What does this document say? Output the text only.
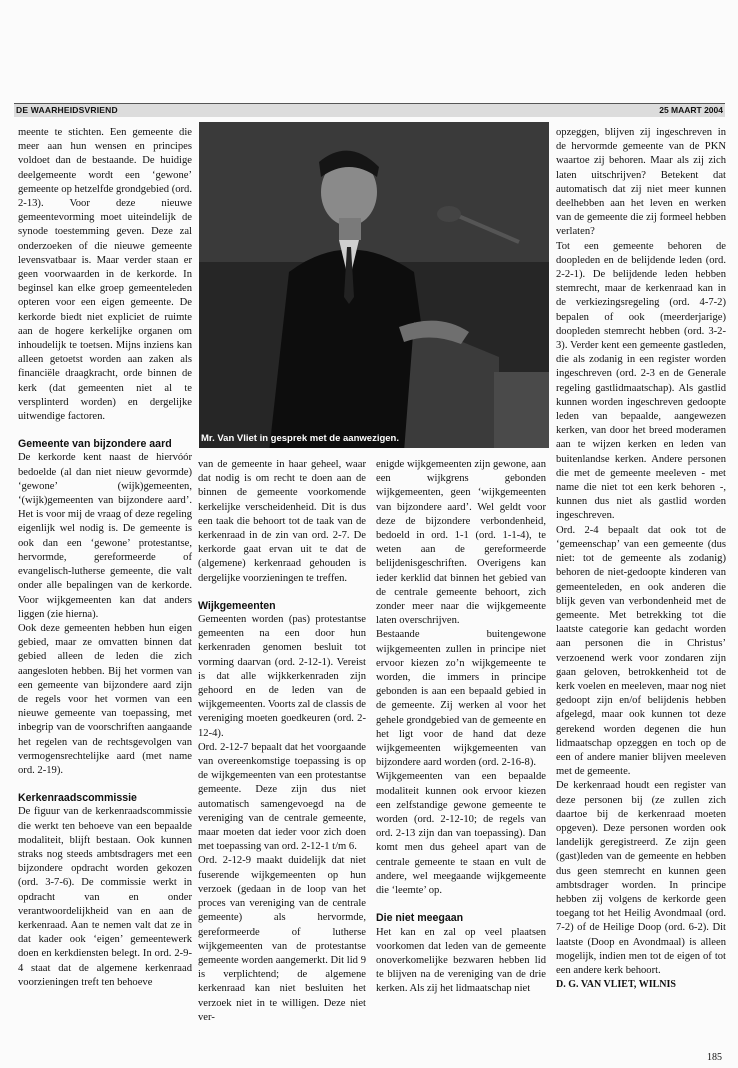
DE WAARHEIDSVRIEND	25 MAART 2004

meente te stichten. Een gemeente die meer aan hun wensen en principes voldoet dan de bestaande. De huidige deelgemeente wordt een ‘gewone’ gemeente op hetzelfde grondgebied (ord. 2-13). Voor deze nieuwe gemeentevorming moet uiteindelijk de synode toestemming geven. Deze zal onderzoeken of die nieuwe gemeente levensvatbaar is. Maar verder staan er geen voorwaarden in de kerkorde. In beginsel kan elke groep gemeenteleden opteren voor een eigen gemeente. De kerkorde biedt niet expliciet de ruimte aan de hogere kerkelijke organen om inhoudelijk te toetsen. Mijns inziens kan alleen getoetst worden aan zaken als financiële draagkracht, orde binnen de kerk (dat gemeenten niet al te versplinterd worden) en dergelijke uitwendige factoren.

Gemeente van bijzondere aard

De kerkorde kent naast de hiervóór bedoelde (al dan niet nieuw gevormde) ‘gewone’ (wijk)gemeenten, ‘(wijk)gemeenten van bijzondere aard’. Het is voor mij de vraag of deze regeling eigenlijk wel nodig is. De gemeente is ook dan een ‘gewone’ protestantse, hervormde, gereformeerde of evangelisch-lutherse gemeente, die valt onder alle bepalingen van de kerkorde. Voor wijkgemeenten kan dat anders liggen (zie hierna).

Ook deze gemeenten hebben hun eigen gebied, maar ze omvatten binnen dat gebied alleen de leden die zich aangesloten hebben. Bij het vormen van een gemeente van bijzondere aard zijn de regels voor het vormen van een nieuwe gemeente van toepassing, met inbegrip van de voorschriften aangaande het regelen van de rechtsgevolgen van vermogensrechtelijke aard (met name ord. 2-19).

Kerkenraadscommissie

De figuur van de kerkenraadscommissie die werkt ten behoeve van een bepaalde modaliteit, blijft bestaan. Ook kunnen straks nog steeds ambtsdragers met een bijzondere opdracht worden gekozen (ord. 3-7-6). De commissie werkt in opdracht van en onder verantwoordelijkheid van en aan de kerkenraad. Aan te nemen valt dat ze in dat kader ook ‘eigen’ gemeentewerk doen en kerkdiensten belegt. In ord. 2-9-4 staat dat de algemene kerkenraad voorzieningen treft ten behoeve

Mr. Van Vliet in gesprek met de aanwezigen.

van de gemeente in haar geheel, waar dat nodig is om recht te doen aan de binnen de gemeente voorkomende kerkelijke verscheidenheid. Dit is dus een taak die behoort tot de taak van de kerkenraad in de zin van ord. 2-7. De kerkorde gaat ervan uit te dat de (algemene) kerkenraad gehouden is dergelijke voorzieningen te treffen.

Wijkgemeenten

Gemeenten worden (pas) protestantse gemeenten na een door hun kerkenraden genomen besluit tot vorming daarvan (ord. 2-12-1). Vereist is dat alle wijkkerkenraden zijn gehoord en de leden van de wijkgemeenten. Voorts zal de classis de vereniging moeten goedkeuren (ord. 2-12-4).

Ord. 2-12-7 bepaalt dat het voorgaande van overeenkomstige toepassing is op de wijkgemeenten van een protestantse gemeente. Deze zijn dus niet automatisch samengevoegd na de vereniging van de centrale gemeente, maar moeten dat ieder voor zich doen met toepassing van ord. 2-12-1 t/m 6.

Ord. 2-12-9 maakt duidelijk dat niet fuserende wijkgemeenten op hun verzoek (gedaan in de loop van het proces van vereniging van de centrale gemeente) als hervormde, gereformeerde of lutherse wijkgemeenten van de protestantse gemeente worden aangemerkt. Dit lid 9 is verplichtend; de algemene kerkenraad kan niet besluiten het verzoek niet in te willigen. Deze niet ver-

enigde wijkgemeenten zijn gewone, aan een wijkgrens gebonden wijkgemeenten, geen ‘wijkgemeenten van bijzondere aard’. Wel geldt voor deze de bijzondere verbondenheid, bedoeld in ord. 1-1 (ord. 1-1-4), te weten aan de gereformeerde belijdenisgeschriften. Overigens kan ieder kerklid dat binnen het gebied van de centrale gemeente behoort, zich zonder meer naar die wijkgemeente laten overschrijven.

Bestaande buitengewone wijkgemeenten zullen in principe niet ervoor kiezen zo’n wijkgemeente te worden, die immers in principe gebonden is aan een bepaald gebied in de gemeente. Zij werken al voor het gehele grondgebied van de gemeente en het ligt voor de hand dat deze wijkgemeenten wijkgemeenten van bijzondere aard worden (ord. 2-16-8).

Wijkgemeenten van een bepaalde modaliteit kunnen ook ervoor kiezen een zelfstandige gewone gemeente te worden (ord. 2-12-10; de regels van ord. 2-13 zijn dan van toepassing). Dan komt men dus geheel apart van de centrale gemeente te staan en vult de andere, wel meegaande wijkgemeente die ‘leemte’ op.

Die niet meegaan

Het kan en zal op veel plaatsen voorkomen dat leden van de gemeente onoverkomelijke bezwaren hebben lid te blijven na de vereniging van de drie kerken. Als zij het lidmaatschap niet

opzeggen, blijven zij ingeschreven in de hervormde gemeente van de PKN waartoe zij behoren. Maar als zij zich laten uitschrijven? Betekent dat automatisch dat zij niet meer kunnen deelhebben aan het leven en werken van de gemeente die zij formeel hebben verlaten?

Tot een gemeente behoren de doopleden en de belijdende leden (ord. 2-2-1). De belijdende leden hebben stemrecht, maar de kerkenraad kan in de verkiezingsregeling (ord. 4-7-2) bepalen of ook (meerderjarige) doopleden stemrecht hebben (ord. 3-2-3). Verder kent een gemeente gastleden, die als zodanig in een register worden ingeschreven (ord. 2-3 en de Generale regeling gastlidmaatschap). Als gastlid kunnen worden ingeschreven gedoopte leden van bepaalde, aangewezen kerken, van door het breed moderamen aan te wijzen kerken en leden van buitenlandse kerken. Andere personen die met de gemeente meeleven - met name die niet tot een kerk behoren -, kunnen dus niet als gastlid worden ingeschreven.

Ord. 2-4 bepaalt dat ook tot de ‘gemeenschap’ van een gemeente (dus niet: tot de gemeente als zodanig) behoren de niet-gedoopte kinderen van gemeenteleden, en ook anderen die blijk geven van verbondenheid met de gemeente. Met betrekking tot die laatste categorie kan gedacht worden aan personen die in Christus’ verzoenend werk voor zondaren zijn gaan geloven, betrokkenheid tot de kerk voelen en meeleven, maar nog niet gedoopt zijn en/of belijdenis hebben afgelegd, maar ook kunnen tot deze gerekend worden degenen die hun lidmaatschap opzeggen en toch op de een of andere manier blijven meeleven met de gemeente.

De kerkenraad houdt een register van deze personen bij (ze zullen zich daartoe bij de kerkenraad moeten opgeven). Deze personen worden ook landelijk geregistreerd. Ze zijn geen (gast)leden van de gemeente en hebben dus geen stemrecht en kunnen geen ambtsdrager worden. In principe hebben zij volgens de kerkorde geen toegang tot het Heilig Avondmaal (ord. 7-2) of de Heilige Doop (ord. 6-2). Dit laatste (Doop en Avondmaal) is alleen mogelijk, indien men tot de eigen of tot een andere kerk behoort.

D. G. VAN VLIET, WILNIS

185
